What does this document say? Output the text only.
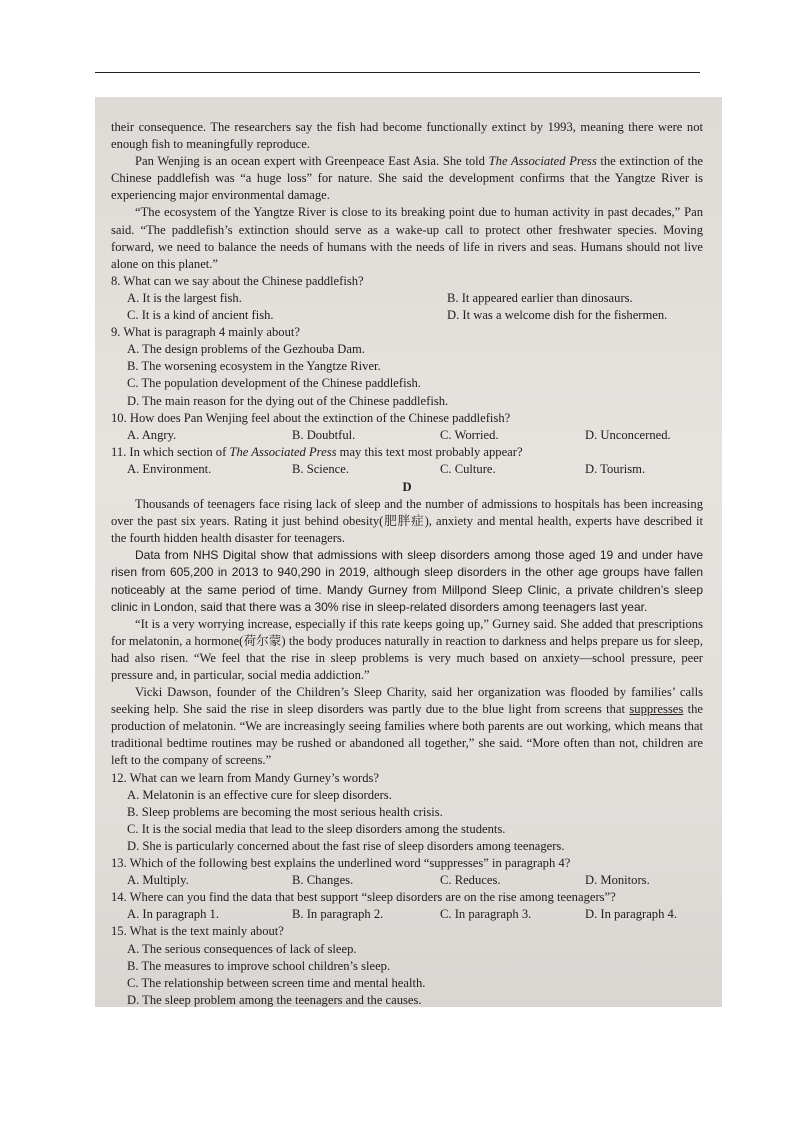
their consequence. The researchers say the fish had become functionally extinct by 1993, meaning there were not enough fish to meaningfully reproduce.

Pan Wenjing is an ocean expert with Greenpeace East Asia. She told The Associated Press the extinction of the Chinese paddlefish was “a huge loss” for nature. She said the development confirms that the Yangtze River is experiencing major environmental damage.

“The ecosystem of the Yangtze River is close to its breaking point due to human activity in past decades,” Pan said. “The paddlefish’s extinction should serve as a wake-up call to protect other freshwater species. Moving forward, we need to balance the needs of humans with the needs of life in rivers and seas. Humans should not live alone on this planet.”

8. What can we say about the Chinese paddlefish?

A. It is the largest fish.	B. It appeared earlier than dinosaurs.
C. It is a kind of ancient fish.	D. It was a welcome dish for the fishermen.

9. What is paragraph 4 mainly about?

A. The design problems of the Gezhouba Dam.

B. The worsening ecosystem in the Yangtze River.

C. The population development of the Chinese paddlefish.

D. The main reason for the dying out of the Chinese paddlefish.

10. How does Pan Wenjing feel about the extinction of the Chinese paddlefish?

A. Angry.	B. Doubtful.	C. Worried.	D. Unconcerned.

11. In which section of The Associated Press may this text most probably appear?

A. Environment.	B. Science.	C. Culture.	D. Tourism.

D

Thousands of teenagers face rising lack of sleep and the number of admissions to hospitals has been increasing over the past six years. Rating it just behind obesity(肥胖症), anxiety and mental health, experts have described it the fourth hidden health disaster for teenagers.

Data from NHS Digital show that admissions with sleep disorders among those aged 19 and under have risen from 605,200 in 2013 to 940,290 in 2019, although sleep disorders in the other age groups have fallen noticeably at the same period of time. Mandy Gurney from Millpond Sleep Clinic, a private children’s sleep clinic in London, said that there was a 30% rise in sleep-related disorders among teenagers last year.

“It is a very worrying increase, especially if this rate keeps going up,” Gurney said. She added that prescriptions for melatonin, a hormone(荷尔蒙) the body produces naturally in reaction to darkness and helps prepare us for sleep, had also risen. “We feel that the rise in sleep problems is very much based on anxiety—school pressure, peer pressure and, in particular, social media addiction.”

Vicki Dawson, founder of the Children’s Sleep Charity, said her organization was flooded by families’ calls seeking help. She said the rise in sleep disorders was partly due to the blue light from screens that suppresses the production of melatonin. “We are increasingly seeing families where both parents are out working, which means that traditional bedtime routines may be rushed or abandoned all together,” she said. “More often than not, children are left to the company of screens.”

12. What can we learn from Mandy Gurney’s words?

A. Melatonin is an effective cure for sleep disorders.

B. Sleep problems are becoming the most serious health crisis.

C. It is the social media that lead to the sleep disorders among the students.

D. She is particularly concerned about the fast rise of sleep disorders among teenagers.

13. Which of the following best explains the underlined word “suppresses” in paragraph 4?

A. Multiply.	B. Changes.	C. Reduces.	D. Monitors.

14. Where can you find the data that best support “sleep disorders are on the rise among teenagers”?

A. In paragraph 1.	B. In paragraph 2.	C. In paragraph 3.	D. In paragraph 4.

15. What is the text mainly about?

A. The serious consequences of lack of sleep.

B. The measures to improve school children’s sleep.

C. The relationship between screen time and mental health.

D. The sleep problem among the teenagers and the causes.
